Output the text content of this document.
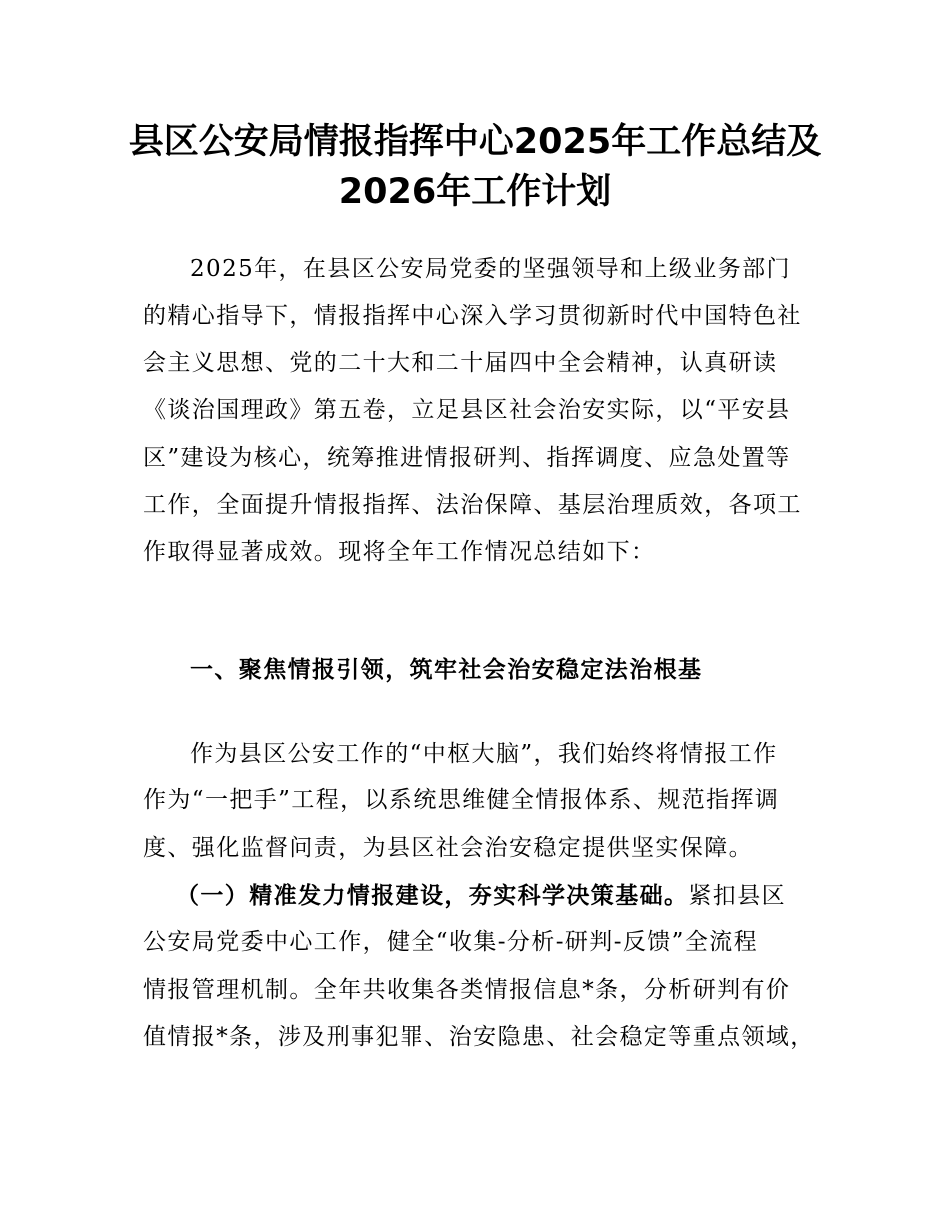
县区公安局情报指挥中心2025年工作总结及
2026年工作计划
2025年，在县区公安局党委的坚强领导和上级业务部门
的精心指导下，情报指挥中心深入学习贯彻新时代中国特色社
会主义思想、党的二十大和二十届四中全会精神，认真研读
《谈治国理政》第五卷，立足县区社会治安实际，以“平安县
区”建设为核心，统筹推进情报研判、指挥调度、应急处置等
工作，全面提升情报指挥、法治保障、基层治理质效，各项工
作取得显著成效。现将全年工作情况总结如下：
一、聚焦情报引领，筑牢社会治安稳定法治根基
作为县区公安工作的“中枢大脑”，我们始终将情报工作
作为“一把手”工程，以系统思维健全情报体系、规范指挥调
度、强化监督问责，为县区社会治安稳定提供坚实保障。
（一）精准发力情报建设，夯实科学决策基础。紧扣县区
公安局党委中心工作，健全“收集-分析-研判-反馈”全流程
情报管理机制。全年共收集各类情报信息*条，分析研判有价
值情报*条，涉及刑事犯罪、治安隐患、社会稳定等重点领域，
